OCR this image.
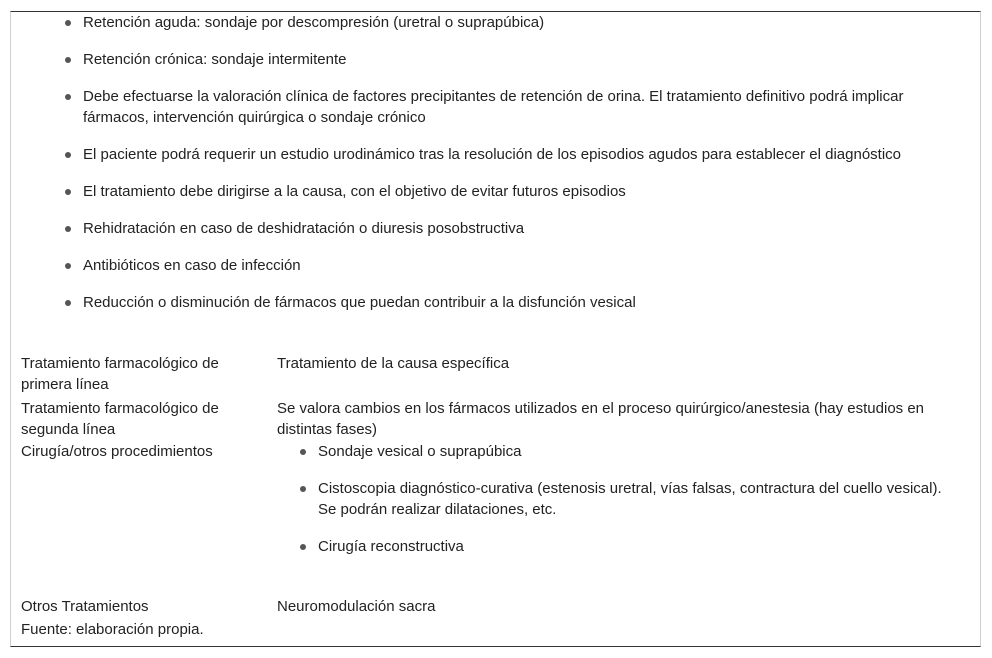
Retención aguda: sondaje por descompresión (uretral o suprapúbica)
Retención crónica: sondaje intermitente
Debe efectuarse la valoración clínica de factores precipitantes de retención de orina. El tratamiento definitivo podrá implicar fármacos, intervención quirúrgica o sondaje crónico
El paciente podrá requerir un estudio urodinámico tras la resolución de los episodios agudos para establecer el diagnóstico
El tratamiento debe dirigirse a la causa, con el objetivo de evitar futuros episodios
Rehidratación en caso de deshidratación o diuresis posobstructiva
Antibióticos en caso de infección
Reducción o disminución de fármacos que puedan contribuir a la disfunción vesical
Tratamiento farmacológico de primera línea
Tratamiento de la causa específica
Tratamiento farmacológico de segunda línea
Se valora cambios en los fármacos utilizados en el proceso quirúrgico/anestesia (hay estudios en distintas fases)
Cirugía/otros procedimientos	Sondaje vesical o suprapúbica
Cistoscopia diagnóstico-curativa (estenosis uretral, vías falsas, contractura del cuello vesical). Se podrán realizar dilataciones, etc.
Cirugía reconstructiva
Otros Tratamientos	Neuromodulación sacra
Fuente: elaboración propia.
